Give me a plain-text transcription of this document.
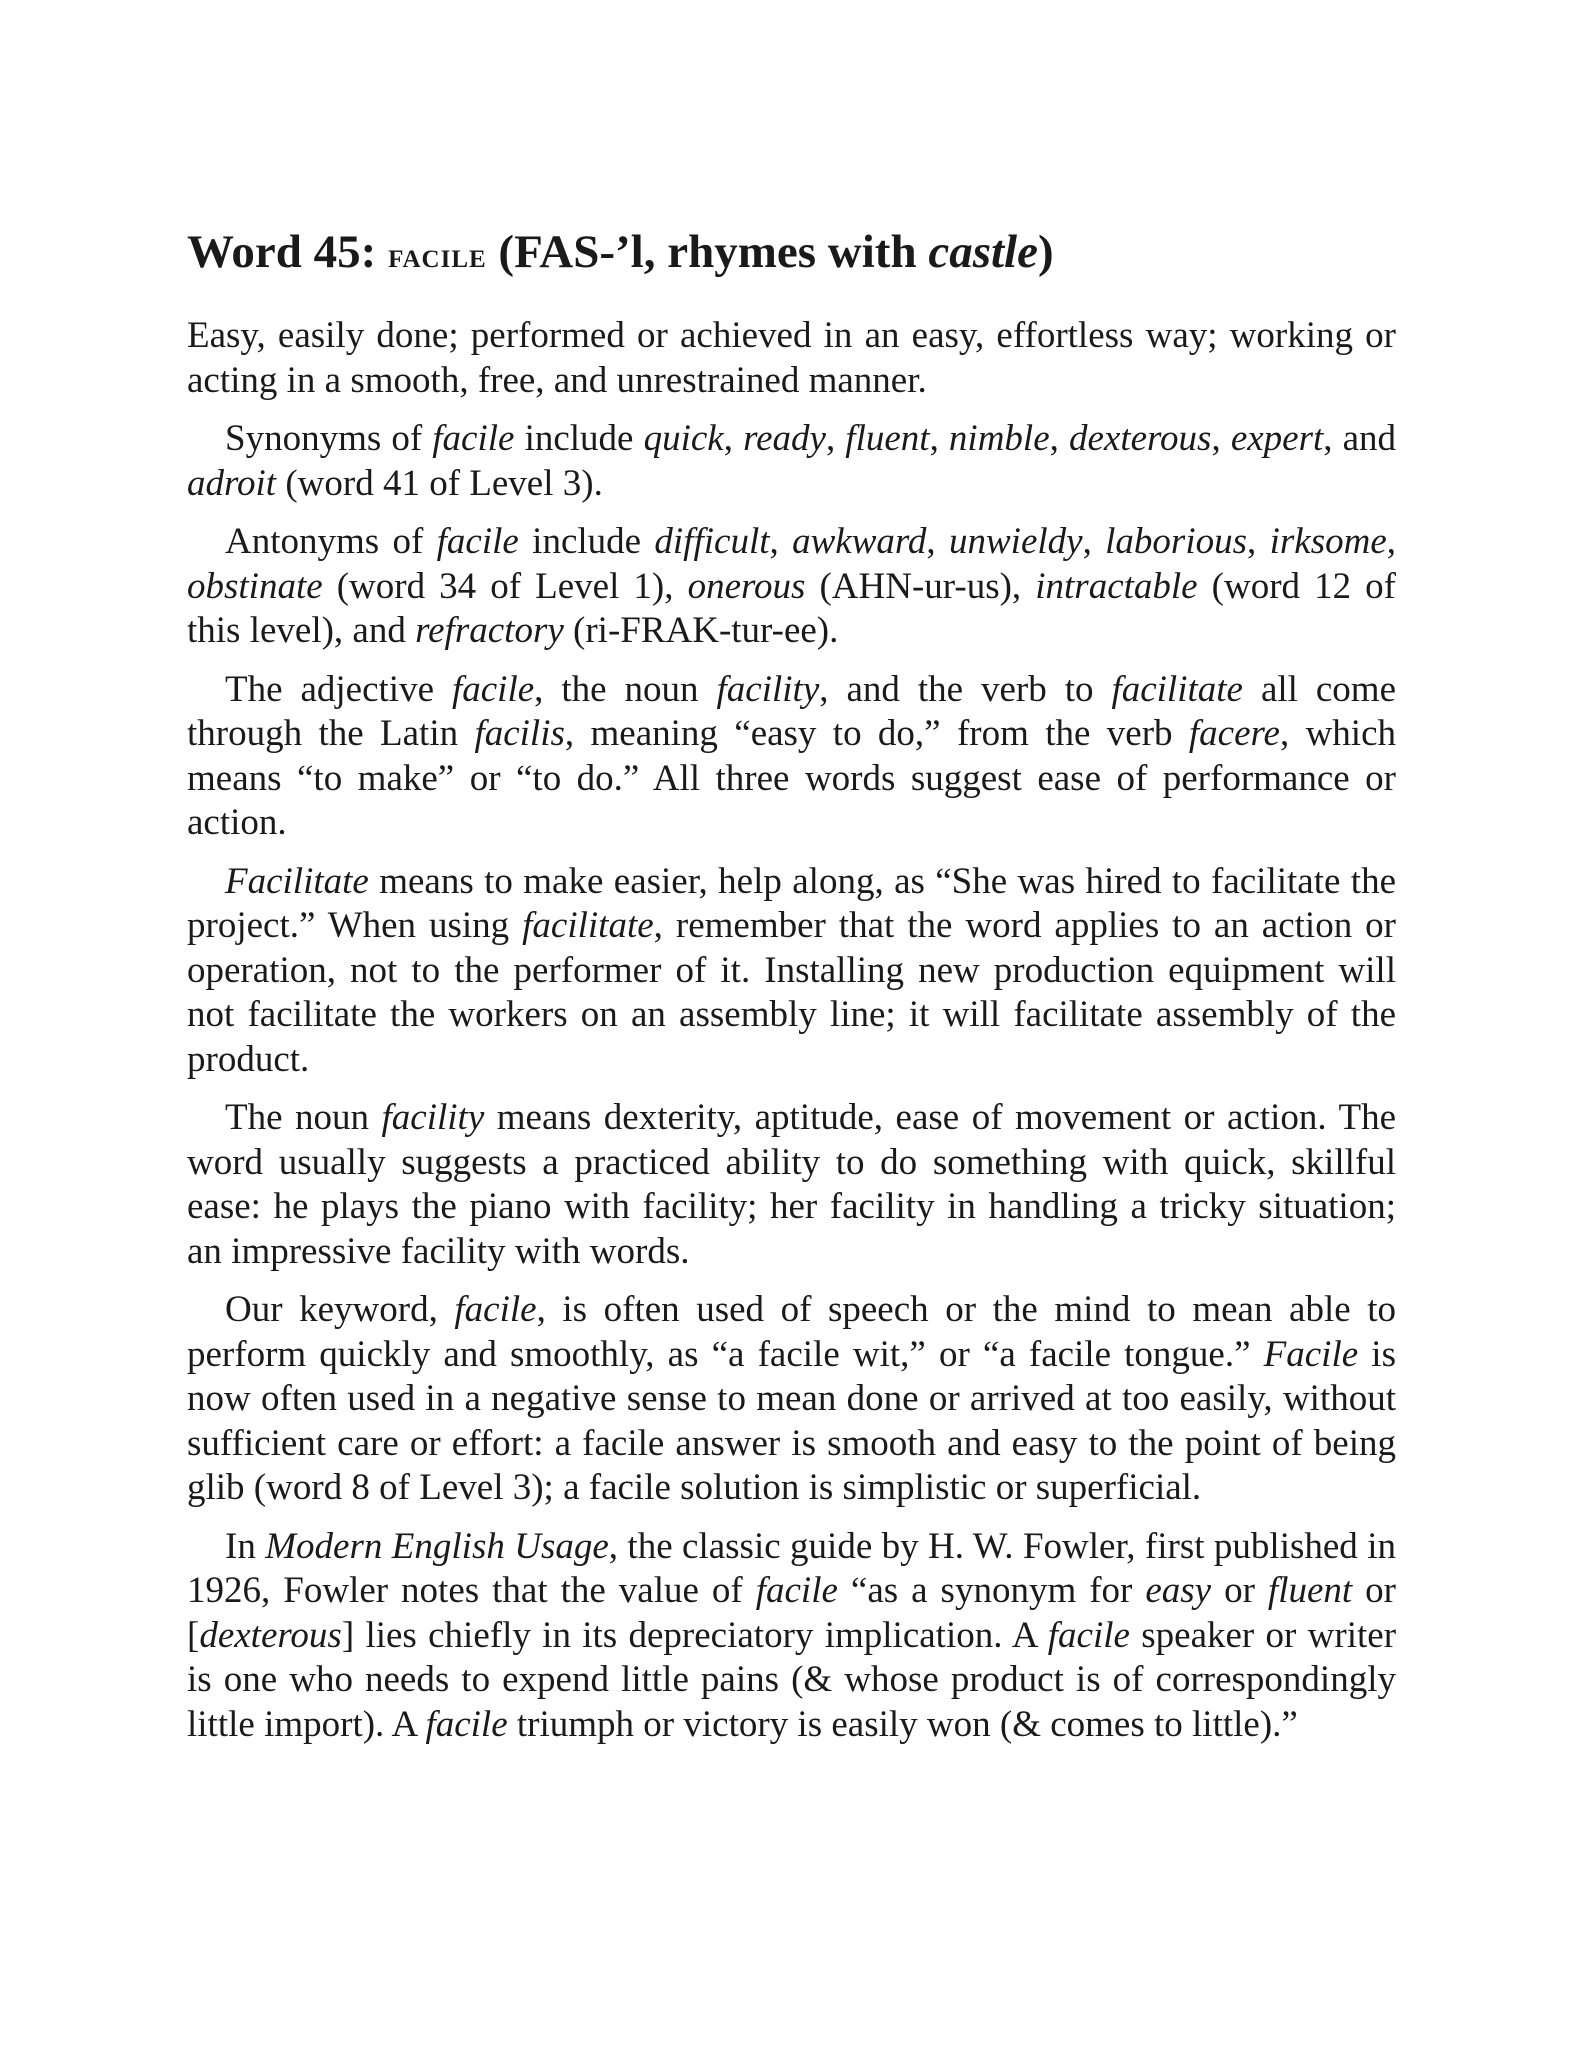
Word 45: FACILE (FAS-’l, rhymes with castle)

Easy, easily done; performed or achieved in an easy, effortless way; working or acting in a smooth, free, and unrestrained manner.

Synonyms of facile include quick, ready, fluent, nimble, dexterous, expert, and adroit (word 41 of Level 3).

Antonyms of facile include difficult, awkward, unwieldy, laborious, irksome, obstinate (word 34 of Level 1), onerous (AHN-ur-us), intractable (word 12 of this level), and refractory (ri-FRAK-tur-ee).

The adjective facile, the noun facility, and the verb to facilitate all come through the Latin facilis, meaning “easy to do,” from the verb facere, which means “to make” or “to do.” All three words suggest ease of performance or action.

Facilitate means to make easier, help along, as “She was hired to facilitate the project.” When using facilitate, remember that the word applies to an action or operation, not to the performer of it. Installing new production equipment will not facilitate the workers on an assembly line; it will facilitate assembly of the product.

The noun facility means dexterity, aptitude, ease of movement or action. The word usually suggests a practiced ability to do something with quick, skillful ease: he plays the piano with facility; her facility in handling a tricky situation; an impressive facility with words.

Our keyword, facile, is often used of speech or the mind to mean able to perform quickly and smoothly, as “a facile wit,” or “a facile tongue.” Facile is now often used in a negative sense to mean done or arrived at too easily, without sufficient care or effort: a facile answer is smooth and easy to the point of being glib (word 8 of Level 3); a facile solution is simplistic or superficial.

In Modern English Usage, the classic guide by H. W. Fowler, first published in 1926, Fowler notes that the value of facile “as a synonym for easy or fluent or [dexterous] lies chiefly in its depreciatory implication. A facile speaker or writer is one who needs to expend little pains (& whose product is of correspondingly little import). A facile triumph or victory is easily won (& comes to little).”
